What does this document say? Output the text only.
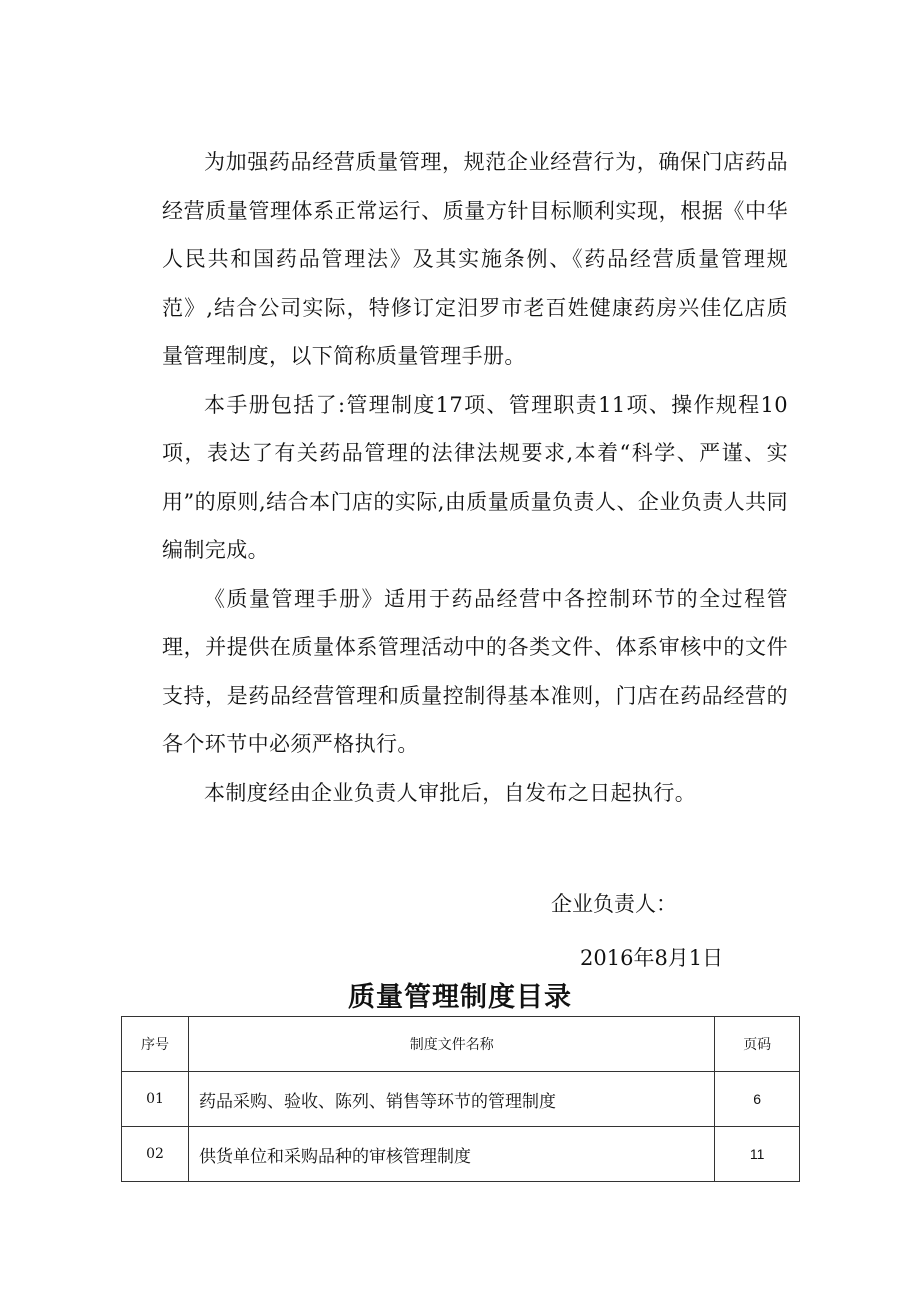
为加强药品经营质量管理，规范企业经营行为，确保门店药品经营质量管理体系正常运行、质量方针目标顺利实现，根据《中华人民共和国药品管理法》及其实施条例、《药品经营质量管理规范》,结合公司实际，特修订定汨罗市老百姓健康药房兴佳亿店质量管理制度，以下简称质量管理手册。

本手册包括了:管理制度17项、管理职责11项、操作规程10项，表达了有关药品管理的法律法规要求,本着“科学、严谨、实用”的原则,结合本门店的实际,由质量质量负责人、企业负责人共同编制完成。

《质量管理手册》适用于药品经营中各控制环节的全过程管理，并提供在质量体系管理活动中的各类文件、体系审核中的文件支持，是药品经营管理和质量控制得基本准则，门店在药品经营的各个环节中必须严格执行。

本制度经由企业负责人审批后，自发布之日起执行。

企业负责人：
2016年8月1日
质量管理制度目录
序号	制度文件名称	页码
01	药品采购、验收、陈列、销售等环节的管理制度	6
02	供货单位和采购品种的审核管理制度	11
